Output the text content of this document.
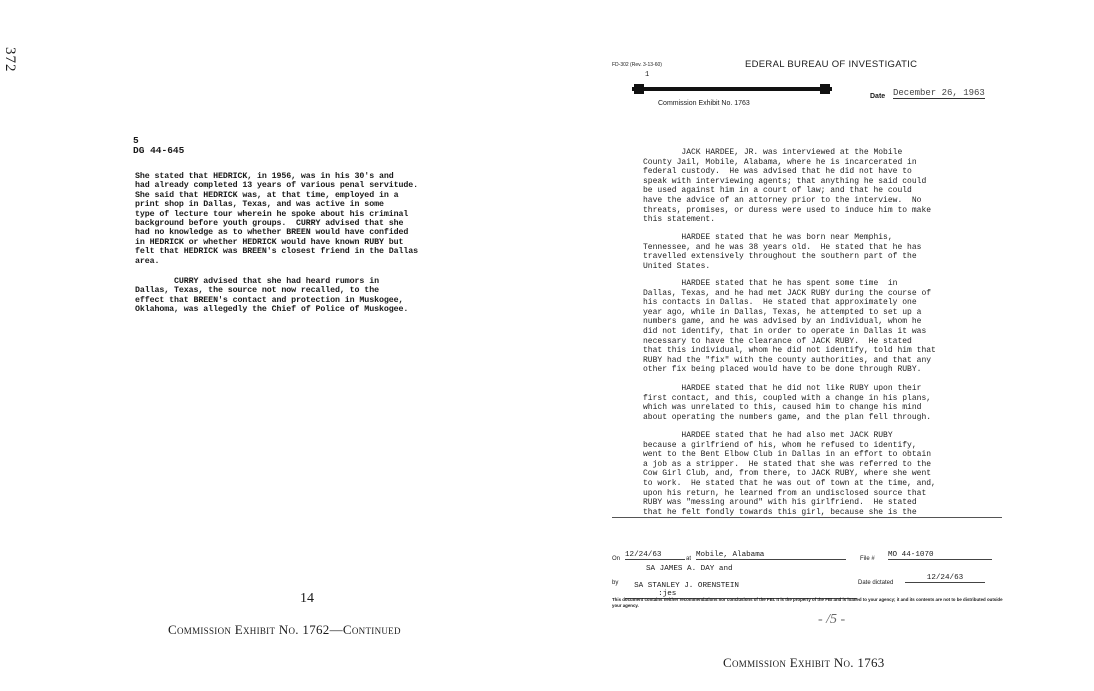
372
5
DG 44-645
She stated that HEDRICK, in 1956, was in his 30's and
had already completed 13 years of various penal servitude.
She said that HEDRICK was, at that time, employed in a
print shop in Dallas, Texas, and was active in some
type of lecture tour wherein he spoke about his criminal
background before youth groups.  CURRY advised that she
had no knowledge as to whether BREEN would have confided
in HEDRICK or whether HEDRICK would have known RUBY but
felt that HEDRICK was BREEN's closest friend in the Dallas
area.
CURRY advised that she had heard rumors in
Dallas, Texas, the source not now recalled, to the
effect that BREEN's contact and protection in Muskogee,
Oklahoma, was allegedly the Chief of Police of Muskogee.
14
Commission Exhibit No. 1762—Continued
FD-302 (Rev. 3-13-60)	EDERAL BUREAU OF INVESTIGATIC
1
Commission Exhibit No. 1763
Date December 26, 1963
JACK HARDEE, JR. was interviewed at the Mobile
County Jail, Mobile, Alabama, where he is incarcerated in
federal custody.  He was advised that he did not have to
speak with interviewing agents; that anything he said could
be used against him in a court of law; and that he could
have the advice of an attorney prior to the interview.  No
threats, promises, or duress were used to induce him to make
this statement.
HARDEE stated that he was born near Memphis,
Tennessee, and he was 38 years old.  He stated that he has
travelled extensively throughout the southern part of the
United States.
HARDEE stated that he has spent some time  in
Dallas, Texas, and he had met JACK RUBY during the course of
his contacts in Dallas.  He stated that approximately one
year ago, while in Dallas, Texas, he attempted to set up a
numbers game, and he was advised by an individual, whom he
did not identify, that in order to operate in Dallas it was
necessary to have the clearance of JACK RUBY.  He stated
that this individual, whom he did not identify, told him that
RUBY had the "fix" with the county authorities, and that any
other fix being placed would have to be done through RUBY.
HARDEE stated that he did not like RUBY upon their
first contact, and this, coupled with a change in his plans,
which was unrelated to this, caused him to change his mind
about operating the numbers game, and the plan fell through.
HARDEE stated that he had also met JACK RUBY
because a girlfriend of his, whom he refused to identify,
went to the Bent Elbow Club in Dallas in an effort to obtain
a job as a stripper.  He stated that she was referred to the
Cow Girl Club, and, from there, to JACK RUBY, where she went
to work.  He stated that he was out of town at the time, and,
upon his return, he learned from an undisclosed source that
RUBY was "messing around" with his girlfriend.  He stated
that he felt fondly towards this girl, because she is the
On 12/24/63	at Mobile, Alabama	File # MO 44-1070
SA JAMES A. DAY and
by	SA STANLEY J. ORENSTEIN
:jes

Date dictated
12/24/63
This document contains neither recommendations nor conclusions of the FBI. It is the property of the FBI and is loaned to your agency; it and its contents are not to be distributed outside your agency.
- /5 -
Commission Exhibit No. 1763
